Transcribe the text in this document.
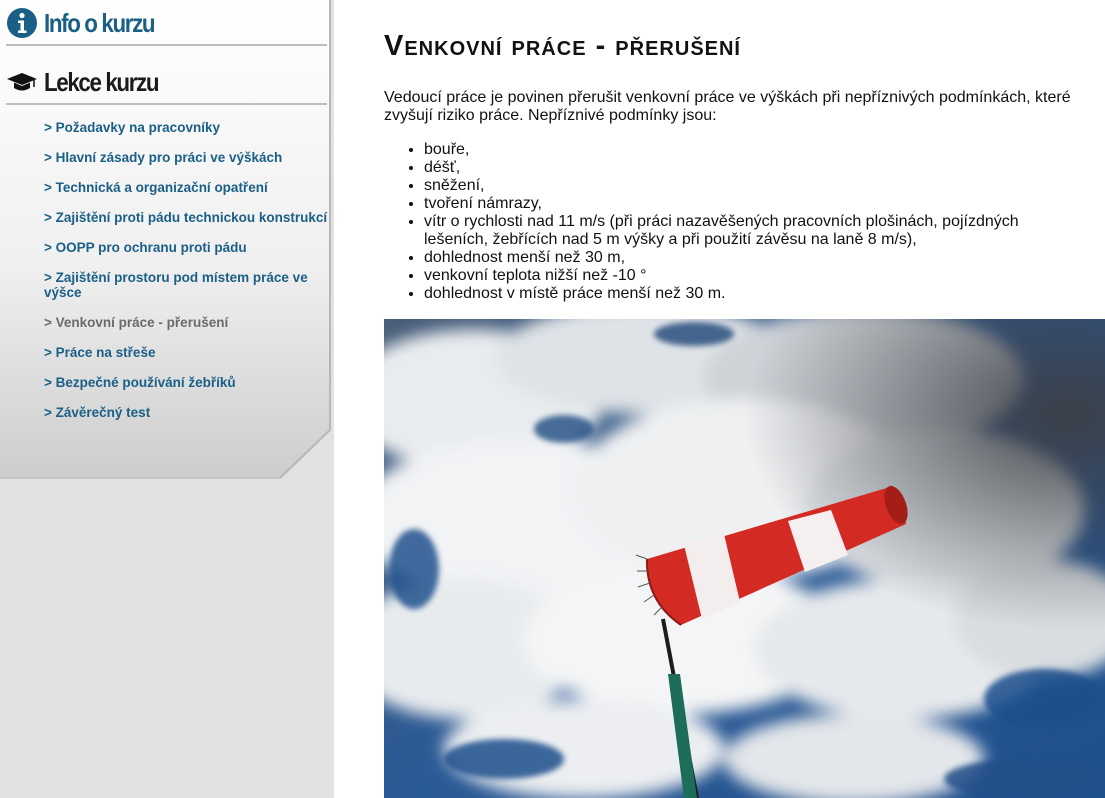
Info o kurzu
Lekce kurzu
> Požadavky na pracovníky
> Hlavní zásady pro práci ve výškách
> Technická a organizační opatření
> Zajištění proti pádu technickou konstrukcí
> OOPP pro ochranu proti pádu
> Zajištění prostoru pod místem práce ve výšce
> Venkovní práce - přerušení
> Práce na střeše
> Bezpečné používání žebříků
> Závěrečný test
Venkovní práce - přerušení

Vedoucí práce je povinen přerušit venkovní práce ve výškách při nepříznivých podmínkách, které zvyšují riziko práce. Nepříznivé podmínky jsou:

• bouře,
• déšť,
• sněžení,
• tvoření námrazy,
• vítr o rychlosti nad 11 m/s (při práci nazavěšených pracovních plošinách, pojízdných lešeních, žebřících nad 5 m výšky a při použití závěsu na laně 8 m/s),
• dohlednost menší než 30 m,
• venkovní teplota nižší než -10 °
• dohlednost v místě práce menší než 30 m.
